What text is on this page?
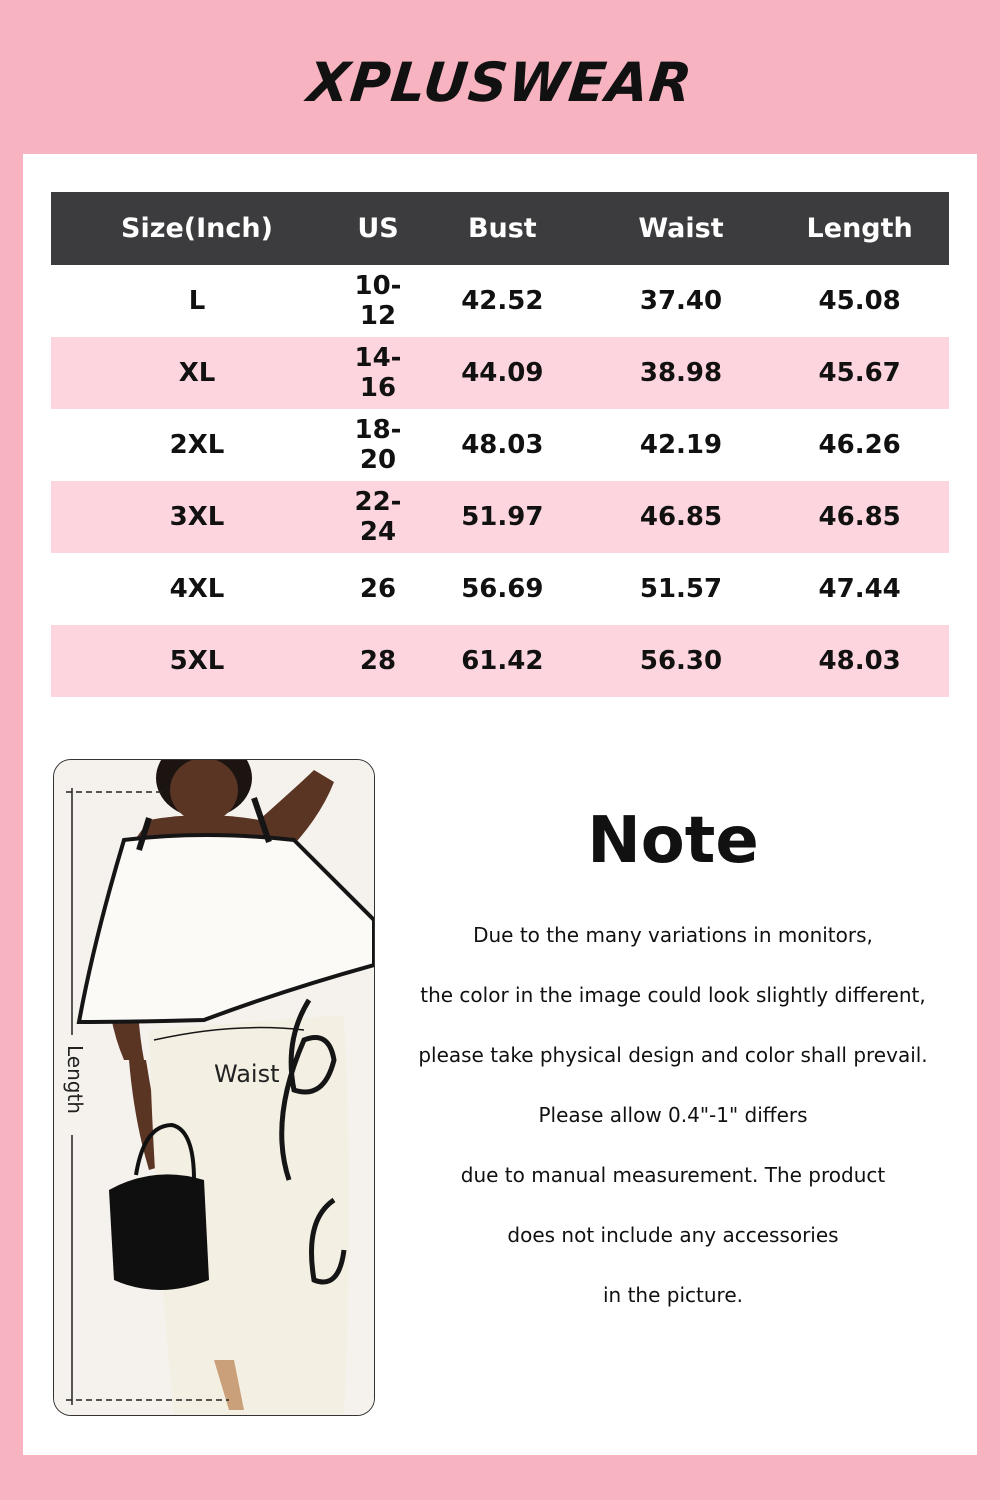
XPLUSWEAR
Size(Inch)	US	Bust	Waist	Length
L	10-12	42.52	37.40	45.08
XL	14-16	44.09	38.98	45.67
2XL	18-20	48.03	42.19	46.26
3XL	22-24	51.97	46.85	46.85
4XL	26	56.69	51.57	47.44
5XL	28	61.42	56.30	48.03
Waist
Length
Note
Due to the many variations in monitors,
the color in the image could look slightly different,
please take physical design and color shall prevail.
Please allow 0.4"-1" differs
due to manual measurement. The product
does not include any accessories
in the picture.
